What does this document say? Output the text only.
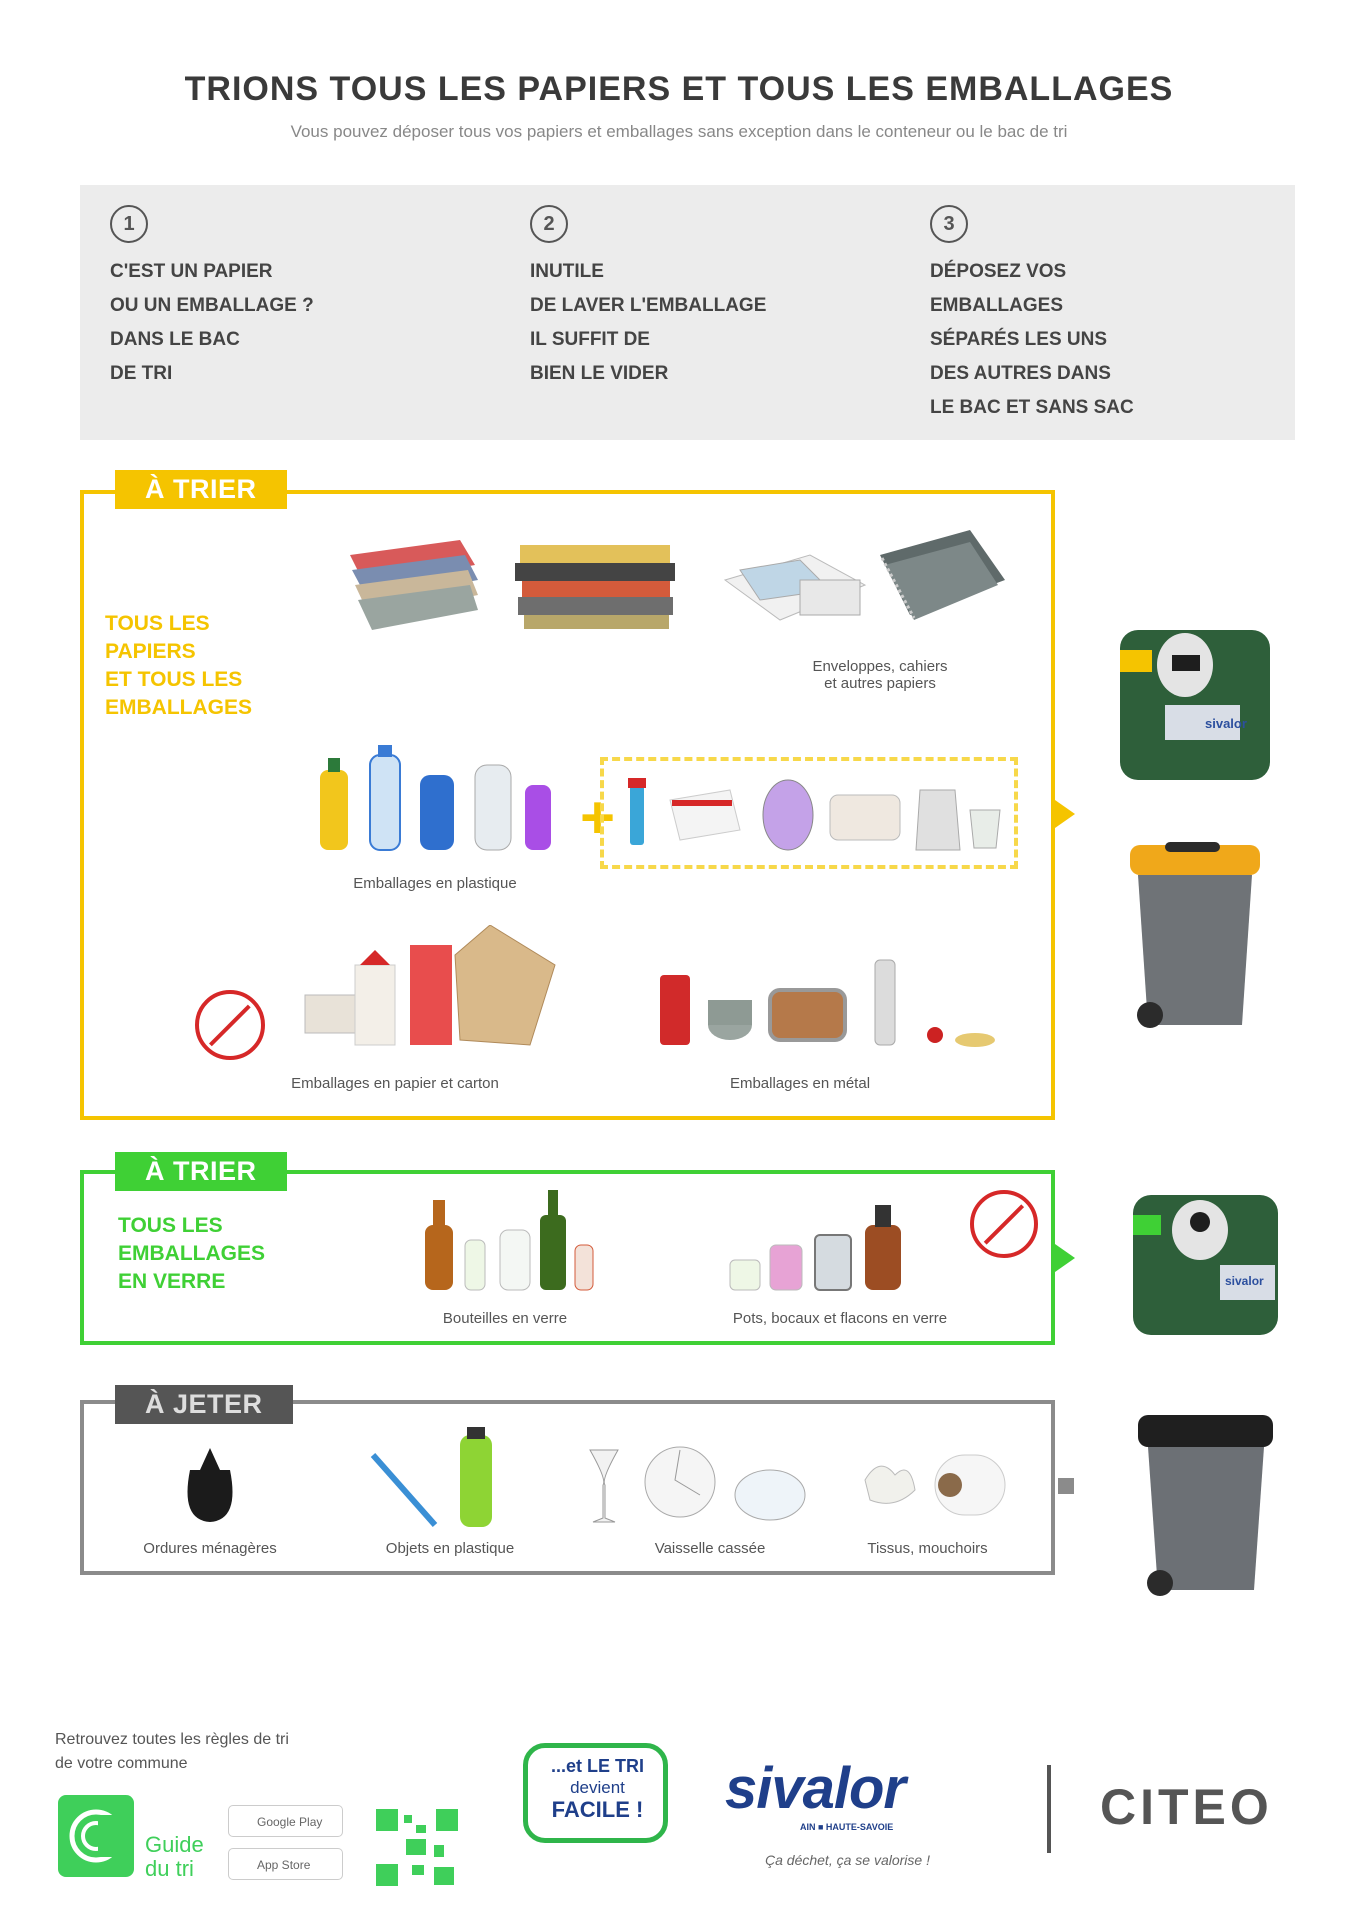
TRIONS TOUS LES PAPIERS ET TOUS LES EMBALLAGES
Vous pouvez déposer tous vos papiers et emballages sans exception dans le conteneur ou le bac de tri
1
C'EST UN PAPIER
OU UN EMBALLAGE ?
DANS LE BAC
DE TRI
2
INUTILE
DE LAVER L'EMBALLAGE
IL SUFFIT DE
BIEN LE VIDER
3
DÉPOSEZ VOS
EMBALLAGES
SÉPARÉS LES UNS
DES AUTRES DANS
LE BAC ET SANS SAC
À TRIER
TOUS LES
PAPIERS
ET TOUS LES
EMBALLAGES
Enveloppes, cahiers
et autres papiers
Emballages en plastique
+
Emballages en papier et carton	Emballages en métal
sivalor
À TRIER
TOUS LES
EMBALLAGES
EN VERRE
Bouteilles en verre	Pots, bocaux et flacons en verre
sivalor
À JETER
Ordures ménagères	Objets en plastique	Vaisselle cassée	Tissus, mouchoirs
Retrouvez toutes les règles de tri
de votre commune
Guide
du tri
Google Play
App Store
...et LE TRI
devient
FACILE ! sivalor
AIN ■ HAUTE-SAVOIE
Ça déchet, ça se valorise !
CITEO
